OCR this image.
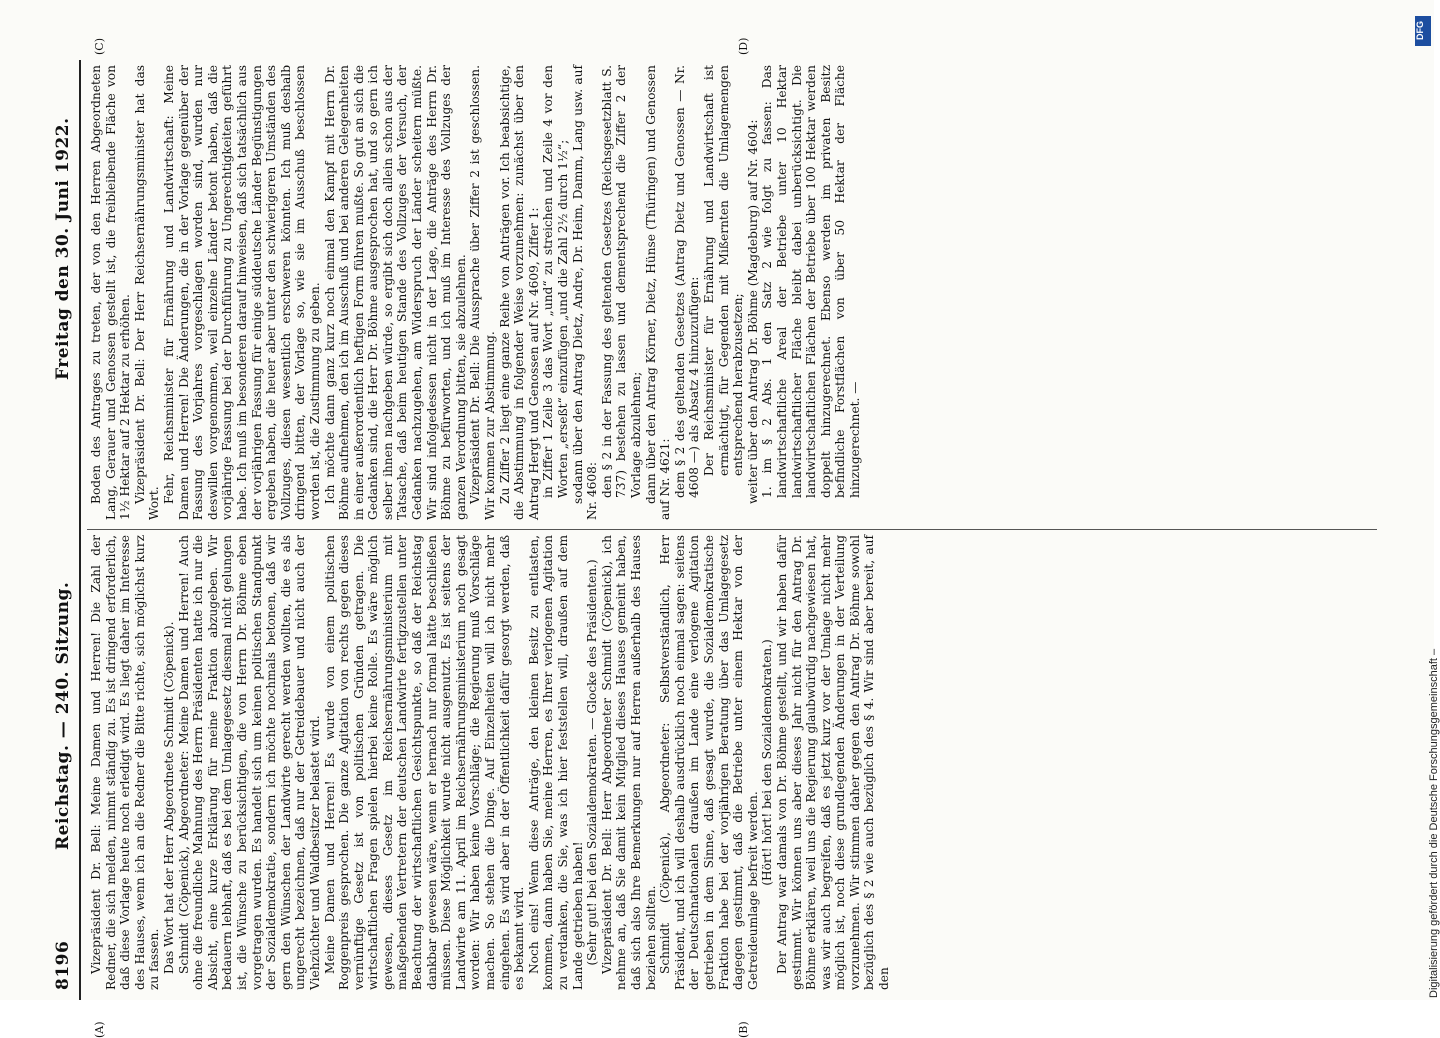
8196
Reichstag. — 240. Sitzung.
Freitag den 30. Juni 1922.
(A)	(B)
(C)	(D)

Vizepräsident Dr. Bell: Meine Damen und Herren! Die Zahl der Redner, die sich melden, nimmt ständig zu. Es ist dringend erforderlich, daß diese Vorlage heute noch erledigt wird. Es liegt daher im Interesse des Hauses, wenn ich an die Redner die Bitte richte, sich möglichst kurz zu fassen. Das Wort hat der Herr Abgeordnete Schmidt (Cöpenick). Schmidt (Cöpenick), Abgeordneter: Meine Damen und Herren! Auch ohne die freundliche Mahnung des Herrn Präsidenten hatte ich nur die Absicht, eine kurze Erklärung für meine Fraktion abzugeben. Wir bedauern lebhaft, daß es bei dem Umlagegesetz diesmal nicht gelungen ist, die Wünsche zu berücksichtigen, die von Herrn Dr. Böhme eben vorgetragen wurden. Es handelt sich um keinen politischen Standpunkt der Sozialdemokratie, sondern ich möchte nochmals betonen, daß wir gern den Wünschen der Landwirte gerecht werden wollten, die es als ungerecht bezeichnen, daß nur der Getreidebauer und nicht auch der Viehzüchter und Waldbesitzer belastet wird. Meine Damen und Herren! Es wurde von einem politischen Roggenpreis gesprochen. Die ganze Agitation von rechts gegen dieses vernünftige Gesetz ist von politischen Gründen getragen. Die wirtschaftlichen Fragen spielen hierbei keine Rolle. Es wäre möglich gewesen, dieses Gesetz im Reichsernährungsministerium mit maßgebenden Vertretern der deutschen Landwirte fertigzustellen unter Beachtung der wirtschaftlichen Gesichtspunkte, so daß der Reichstag dankbar gewesen wäre, wenn er hernach nur formal hätte beschließen müssen. Diese Möglichkeit wurde nicht ausgenutzt. Es ist seitens der Landwirte am 11. April im Reichsernährungsministerium noch gesagt worden: Wir haben keine Vorschläge; die Regierung muß Vorschläge machen. So stehen die Dinge. Auf Einzelheiten will ich nicht mehr eingehen. Es wird aber in der Öffentlichkeit dafür gesorgt werden, daß es bekannt wird. Noch eins! Wenn diese Anträge, den kleinen Besitz zu entlasten, kommen, dann haben Sie, meine Herren, es Ihrer verlogenen Agitation zu verdanken, die Sie, was ich hier feststellen will, draußen auf dem Lande getrieben haben! (Sehr gut! bei den Sozialdemokraten. — Glocke des Präsidenten.) Vizepräsident Dr. Bell: Herr Abgeordneter Schmidt (Cöpenick), ich nehme an, daß Sie damit kein Mitglied dieses Hauses gemeint haben, daß sich also Ihre Bemerkungen nur auf Herren außerhalb des Hauses beziehen sollten. Schmidt (Cöpenick), Abgeordneter: Selbstverständlich, Herr Präsident, und ich will deshalb ausdrücklich noch einmal sagen: seitens der Deutschnationalen draußen im Lande eine verlogene Agitation getrieben in dem Sinne, daß gesagt wurde, die Sozialdemokratische Fraktion habe bei der vorjährigen Beratung über das Umlagegesetz dagegen gestimmt, daß die Betriebe unter einem Hektar von der Getreideumlage befreit werden.

(Hört! hört! bei den Sozialdemokraten.) Der Antrag war damals von Dr. Böhme gestellt, und wir haben dafür gestimmt. Wir können uns aber dieses Jahr nicht für den Antrag Dr. Böhme erklären, weil uns die Regierung glaubwürdig nachgewiesen hat, was wir auch begreifen, daß es jetzt kurz vor der Umlage nicht mehr möglich ist, noch diese grundlegenden Änderungen in der Verteilung vorzunehmen. Wir stimmen daher gegen den Antrag Dr. Böhme sowohl bezüglich des § 2 wie auch bezüglich des § 4. Wir sind aber bereit, auf den

Boden des Antrages zu treten, der von den Herren Abgeordneten Lang, Gerauer und Genossen gestellt ist, die freibleibende Fläche von 1½ Hektar auf 2 Hektar zu erhöhen. Vizepräsident Dr. Bell: Der Herr Reichsernährungsminister hat das Wort. Fehr, Reichsminister für Ernährung und Landwirtschaft: Meine Damen und Herren! Die Änderungen, die in der Vorlage gegenüber der Fassung des Vorjahres vorgeschlagen worden sind, wurden nur deswillen vorgenommen, weil einzelne Länder betont haben, daß die vorjährige Fassung bei der Durchführung zu Ungerechtigkeiten geführt habe. Ich muß im besonderen darauf hinweisen, daß sich tatsächlich aus der vorjährigen Fassung für einige süddeutsche Länder Begünstigungen ergeben haben, die heuer aber unter den schwierigeren Umständen des Vollzuges, diesen wesentlich erschweren könnten. Ich muß deshalb dringend bitten, der Vorlage so, wie sie im Ausschuß beschlossen worden ist, die Zustimmung zu geben. Ich möchte dann ganz kurz noch einmal den Kampf mit Herrn Dr. Böhme aufnehmen, den ich im Ausschuß und bei anderen Gelegenheiten in einer außerordentlich heftigen Form führen mußte. So gut an sich die Gedanken sind, die Herr Dr. Böhme ausgesprochen hat, und so gern ich selber ihnen nachgeben würde, so ergibt sich doch allein schon aus der Tatsache, daß beim heutigen Stande des Vollzuges der Versuch, der Gedanken nachzugehen, am Widerspruch der Länder scheitern müßte. Wir sind infolgedessen nicht in der Lage, die Anträge des Herrn Dr. Böhme zu befürworten, und ich muß im Interesse des Vollzuges der ganzen Verordnung bitten, sie abzulehnen. Vizepräsident Dr. Bell: Die Aussprache über Ziffer 2 ist geschlossen. Wir kommen zur Abstimmung. Zu Ziffer 2 liegt eine ganze Reihe von Anträgen vor. Ich beabsichtige, die Abstimmung in folgender Weise vorzunehmen: zunächst über den Antrag Hergt und Genossen auf Nr. 4609, Ziffer 1: in Ziffer 1 Zeile 3 das Wort „und“ zu streichen und Zeile 4 vor den Worten „erseßt“ einzufügen „und die Zahl 2½ durch 1½“; sodann über den Antrag Dietz, Andre, Dr. Heim, Damm, Lang usw. auf Nr. 4608: den § 2 in der Fassung des geltenden Gesetzes (Reichsgesetzblatt S. 737) bestehen zu lassen und dementsprechend die Ziffer 2 der Vorlage abzulehnen; dann über den Antrag Körner, Dietz, Hünse (Thüringen) und Genossen auf Nr. 4621: dem § 2 des geltenden Gesetzes (Antrag Dietz und Genossen — Nr. 4608 —) als Absatz 4 hinzuzufügen: Der Reichsminister für Ernährung und Landwirtschaft ist ermächtigt, für Gegenden mit Mißernten die Umlagemengen entsprechend herabzusetzen; weiter über den Antrag Dr. Böhme (Magdeburg) auf Nr. 4604: 1. im § 2 Abs. 1 den Satz 2 wie folgt zu fassen: Das landwirtschaftliche Areal der Betriebe unter 10 Hektar landwirtschaftlicher Fläche bleibt dabei unberücksichtigt. Die landwirtschaftlichen Flächen der Betriebe über 100 Hektar werden doppelt hinzugerechnet. Ebenso werden im privaten Besitz befindliche Forstflächen von über 50 Hektar der Fläche hinzugerechnet. —

DFG
Digitalisierung gefördert durch die Deutsche Forschungsgemeinschaft –
